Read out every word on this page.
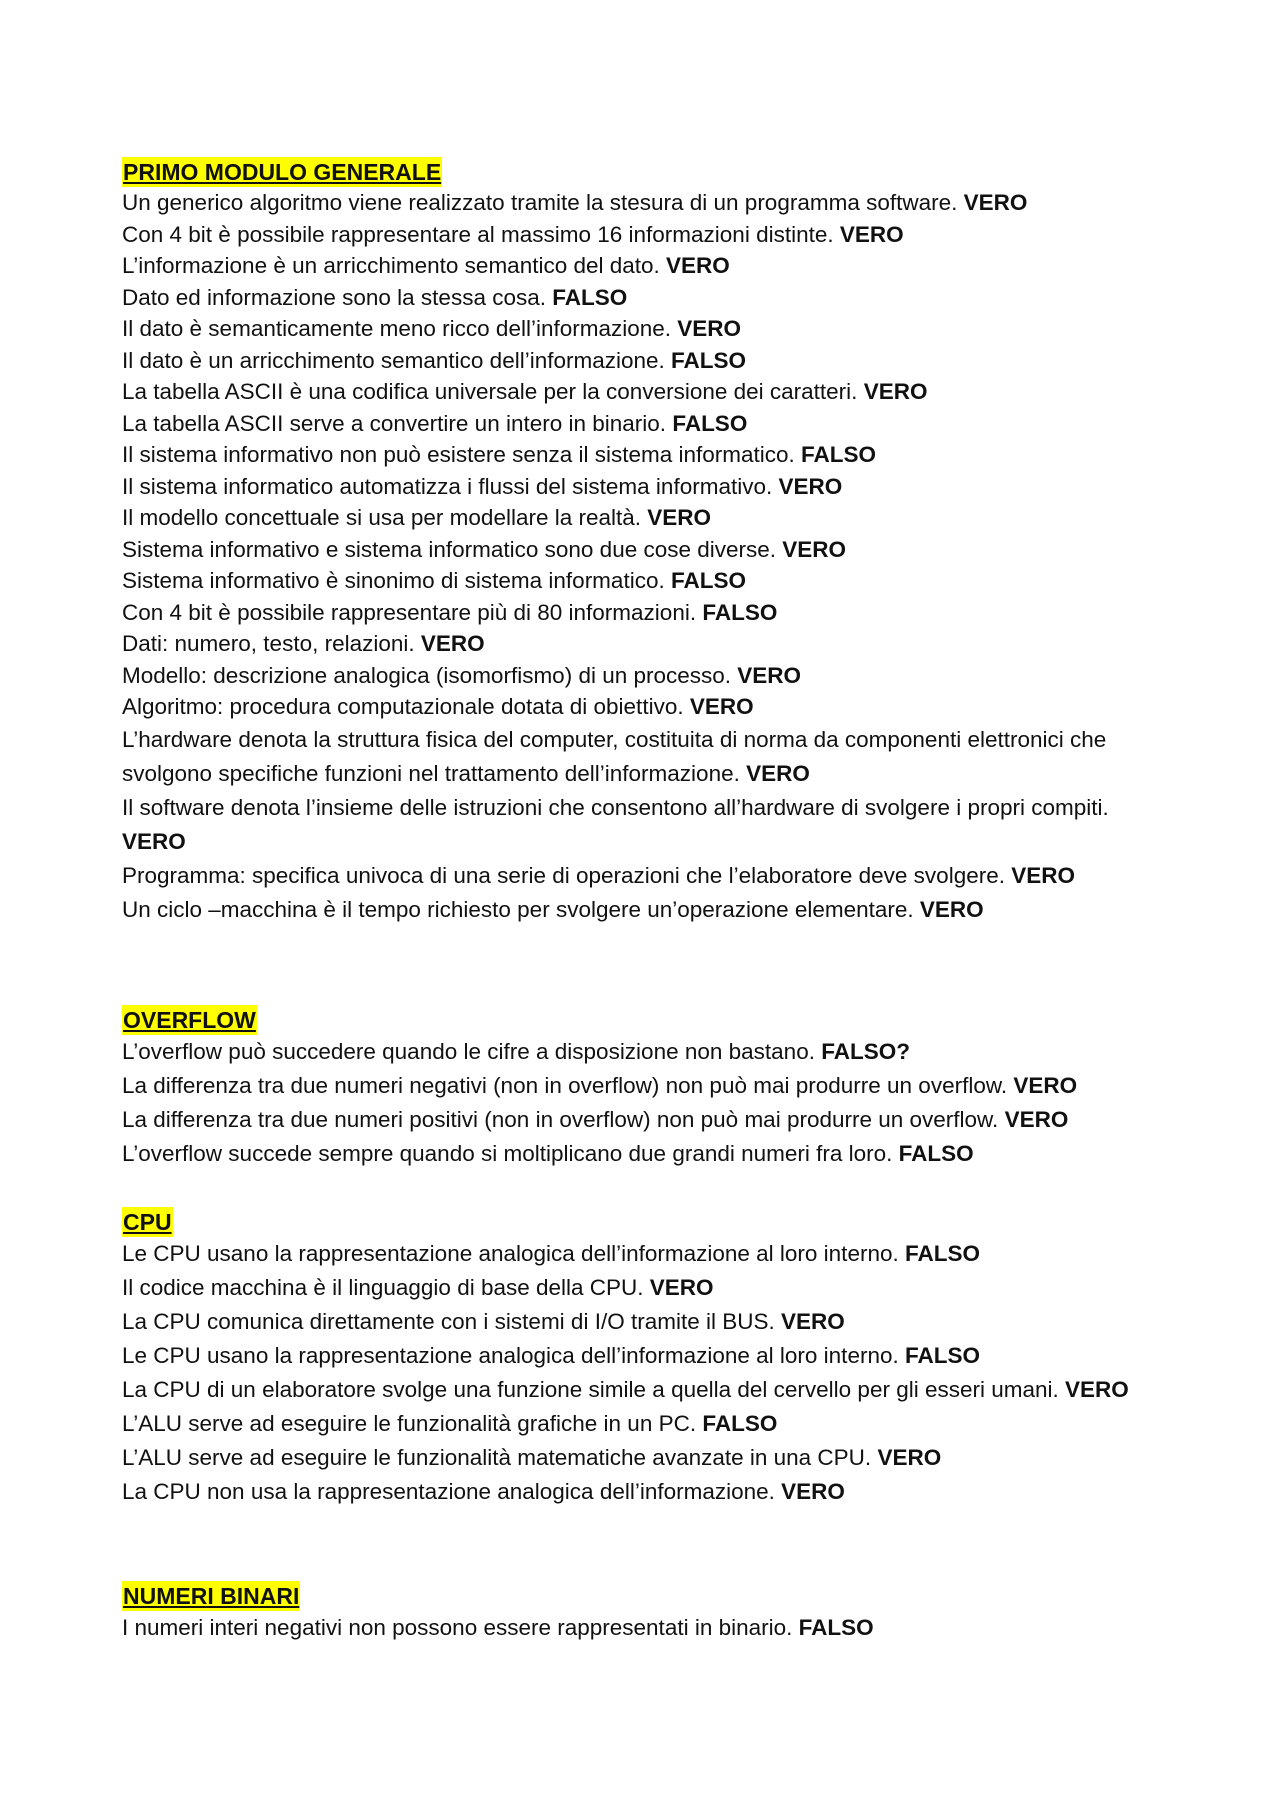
PRIMO MODULO GENERALE

Un generico algoritmo viene realizzato tramite la stesura di un programma software. VERO

Con 4 bit è possibile rappresentare al massimo 16 informazioni distinte. VERO

L’informazione è un arricchimento semantico del dato. VERO

Dato ed informazione sono la stessa cosa. FALSO

Il dato è semanticamente meno ricco dell’informazione. VERO

Il dato è un arricchimento semantico dell’informazione. FALSO

La tabella ASCII è una codifica universale per la conversione dei caratteri. VERO

La tabella ASCII serve a convertire un intero in binario. FALSO

Il sistema informativo non può esistere senza il sistema informatico. FALSO

Il sistema informatico automatizza i flussi del sistema informativo. VERO

Il modello concettuale si usa per modellare la realtà. VERO

Sistema informativo e sistema informatico sono due cose diverse. VERO

Sistema informativo è sinonimo di sistema informatico. FALSO

Con 4 bit è possibile rappresentare più di 80 informazioni. FALSO

Dati: numero, testo, relazioni. VERO

Modello: descrizione analogica (isomorfismo) di un processo. VERO

Algoritmo: procedura computazionale dotata di obiettivo. VERO

L’hardware denota la struttura fisica del computer, costituita di norma da componenti elettronici che svolgono specifiche funzioni nel trattamento dell’informazione. VERO

Il software denota l’insieme delle istruzioni che consentono all’hardware di svolgere i propri compiti. VERO

Programma: specifica univoca di una serie di operazioni che l’elaboratore deve svolgere. VERO

Un ciclo –macchina è il tempo richiesto per svolgere un’operazione elementare. VERO

OVERFLOW

L’overflow può succedere quando le cifre a disposizione non bastano. FALSO?

La differenza tra due numeri negativi (non in overflow) non può mai produrre un overflow. VERO

La differenza tra due numeri positivi (non in overflow) non può mai produrre un overflow. VERO

L’overflow succede sempre quando si moltiplicano due grandi numeri fra loro. FALSO

CPU

Le CPU usano la rappresentazione analogica dell’informazione al loro interno. FALSO

Il codice macchina è il linguaggio di base della CPU. VERO

La CPU comunica direttamente con i sistemi di I/O tramite il BUS. VERO

Le CPU usano la rappresentazione analogica dell’informazione al loro interno. FALSO

La CPU di un elaboratore svolge una funzione simile a quella del cervello per gli esseri umani. VERO

L’ALU serve ad eseguire le funzionalità grafiche in un PC. FALSO

L’ALU serve ad eseguire le funzionalità matematiche avanzate in una CPU. VERO

La CPU non usa la rappresentazione analogica dell’informazione. VERO

NUMERI BINARI

I numeri interi negativi non possono essere rappresentati in binario. FALSO
